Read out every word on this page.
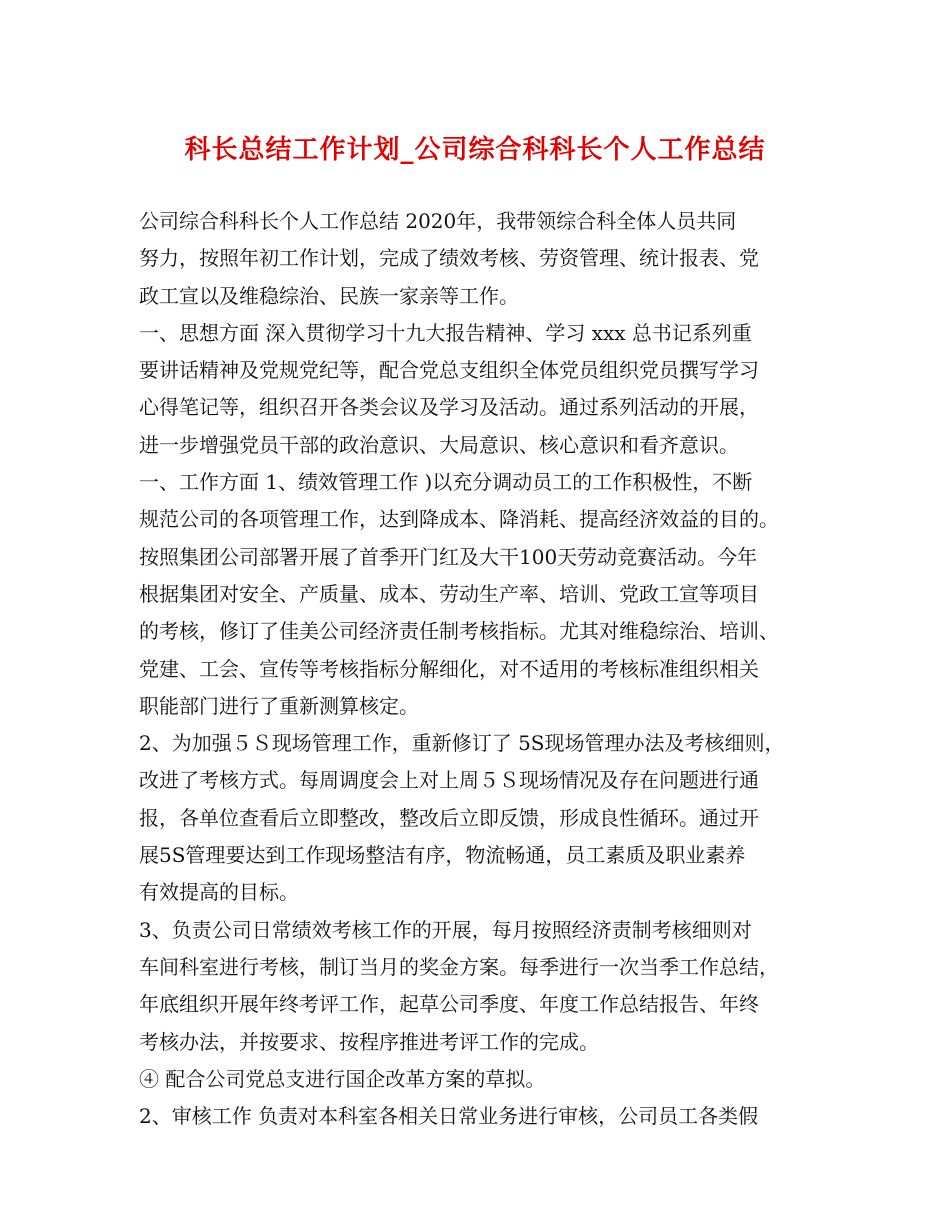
科长总结工作计划_公司综合科科长个人工作总结
公司综合科科长个人工作总结 2020年，我带领综合科全体人员共同
努力，按照年初工作计划，完成了绩效考核、劳资管理、统计报表、党
政工宣以及维稳综治、民族一家亲等工作。
一、思想方面 深入贯彻学习十九大报告精神、学习 xxx 总书记系列重
要讲话精神及党规党纪等，配合党总支组织全体党员组织党员撰写学习
心得笔记等，组织召开各类会议及学习及活动。通过系列活动的开展，
进一步增强党员干部的政治意识、大局意识、核心意识和看齐意识。
一、工作方面 1、绩效管理工作 )以充分调动员工的工作积极性，不断
规范公司的各项管理工作，达到降成本、降消耗、提高经济效益的目的。
按照集团公司部署开展了首季开门红及大干100天劳动竞赛活动。今年
根据集团对安全、产质量、成本、劳动生产率、培训、党政工宣等项目
的考核，修订了佳美公司经济责任制考核指标。尤其对维稳综治、培训、
党建、工会、宣传等考核指标分解细化，对不适用的考核标准组织相关
职能部门进行了重新测算核定。
2、为加强５Ｓ现场管理工作，重新修订了 5S现场管理办法及考核细则，
改进了考核方式。每周调度会上对上周５Ｓ现场情况及存在问题进行通
报，各单位查看后立即整改，整改后立即反馈，形成良性循环。通过开
展5S管理要达到工作现场整洁有序，物流畅通，员工素质及职业素养
有效提高的目标。
3、负责公司日常绩效考核工作的开展，每月按照经济责制考核细则对
车间科室进行考核，制订当月的奖金方案。每季进行一次当季工作总结，
年底组织开展年终考评工作，起草公司季度、年度工作总结报告、年终
考核办法，并按要求、按程序推进考评工作的完成。
④ 配合公司党总支进行国企改革方案的草拟。
2、审核工作 负责对本科室各相关日常业务进行审核，公司员工各类假
